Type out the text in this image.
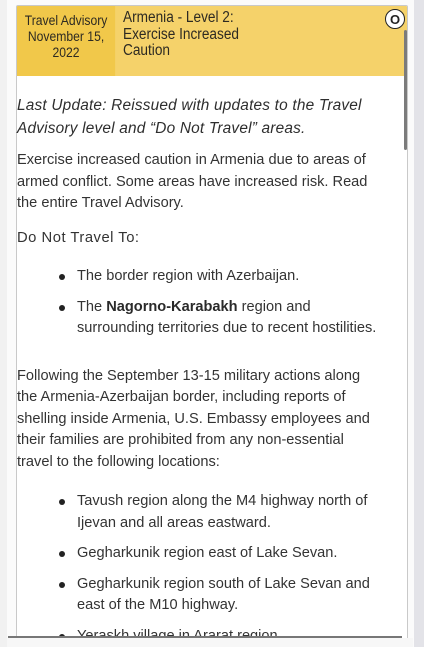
Travel Advisory
November 15,
2022
Armenia - Level 2:
Exercise Increased
Caution
O

Last Update: Reissued with updates to the Travel Advisory level and “Do Not Travel” areas.

Exercise increased caution in Armenia due to areas of armed conflict. Some areas have increased risk. Read the entire Travel Advisory.

Do Not Travel To:

The border region with Azerbaijan.
The Nagorno-Karabakh region and surrounding territories due to recent hostilities.

Following the September 13-15 military actions along the Armenia-Azerbaijan border, including reports of shelling inside Armenia, U.S. Embassy employees and their families are prohibited from any non-essential travel to the following locations:

Tavush region along the M4 highway north of Ijevan and all areas eastward.
Gegharkunik region east of Lake Sevan.
Gegharkunik region south of Lake Sevan and east of the M10 highway.
